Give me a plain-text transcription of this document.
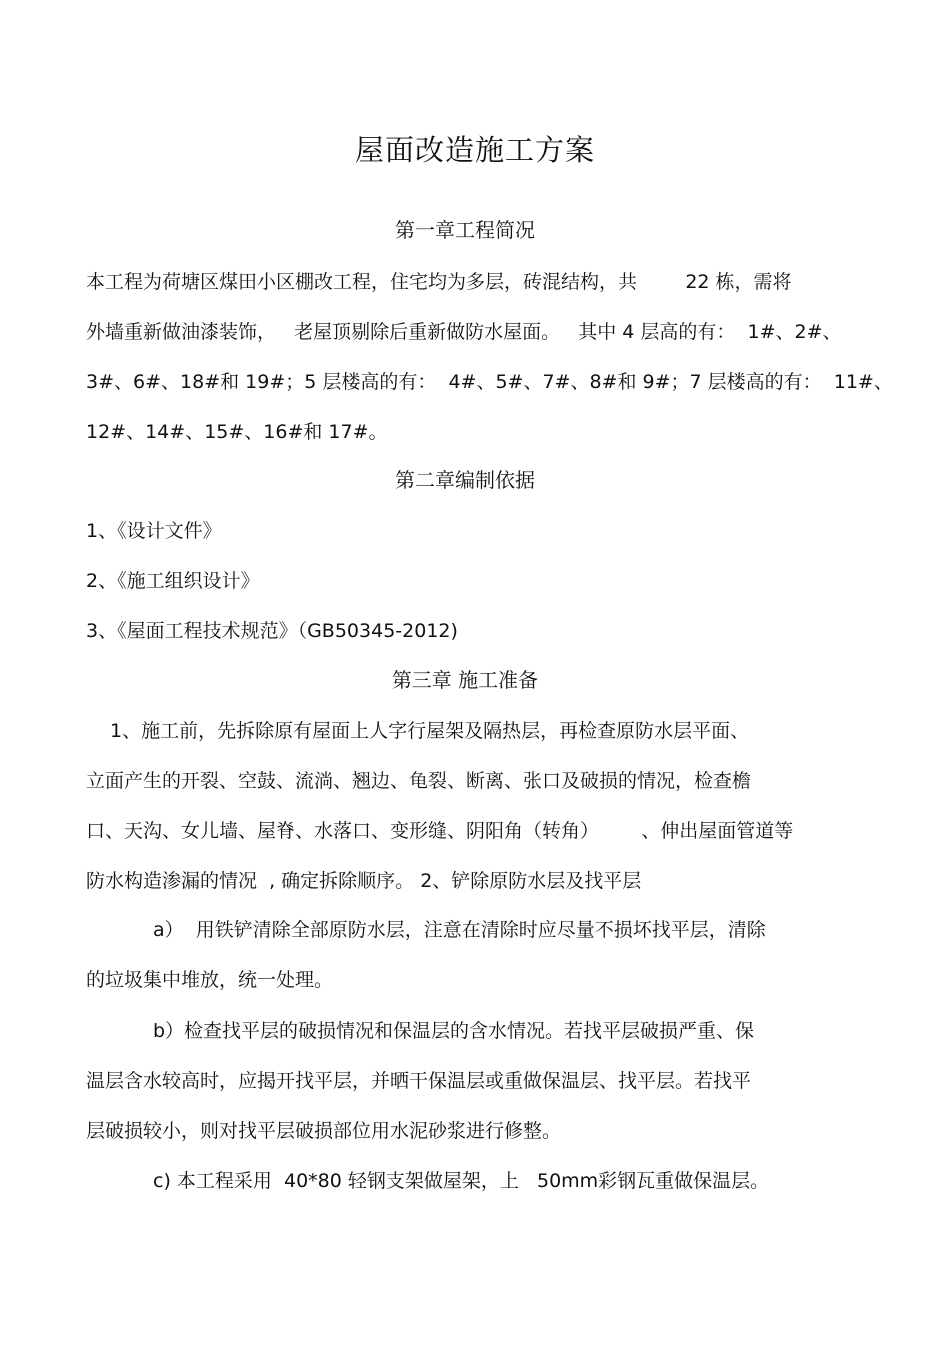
屋面改造施工方案
第一章工程简况
本工程为荷塘区煤田小区棚改工程，住宅均为多层，砖混结构，共        22 栋，需将
外墙重新做油漆装饰，   老屋顶剔除后重新做防水屋面。   其中 4 层高的有：  1#、2#、
3#、6#、18#和 19#；5 层楼高的有：  4#、5#、7#、8#和 9#；7 层楼高的有：  11#、
12#、14#、15#、16#和 17#。
第二章编制依据
1、《设计文件》
2、《施工组织设计》
3、《屋面工程技术规范》（GB50345-2012)
第三章 施工准备
1、施工前，先拆除原有屋面上人字行屋架及隔热层，再检查原防水层平面、
立面产生的开裂、空鼓、流淌、翘边、龟裂、断离、张口及破损的情况，检查檐
口、天沟、女儿墙、屋脊、水落口、变形缝、阴阳角（转角）       、伸出屋面管道等
防水构造渗漏的情况  , 确定拆除顺序。 2、铲除原防水层及找平层
a）  用铁铲清除全部原防水层，注意在清除时应尽量不损坏找平层，清除
的垃圾集中堆放，统一处理。
b）检查找平层的破损情况和保温层的含水情况。若找平层破损严重、保
温层含水较高时，应揭开找平层，并晒干保温层或重做保温层、找平层。若找平
层破损较小，则对找平层破损部位用水泥砂浆进行修整。
c) 本工程采用  40*80 轻钢支架做屋架，上   50mm彩钢瓦重做保温层。
